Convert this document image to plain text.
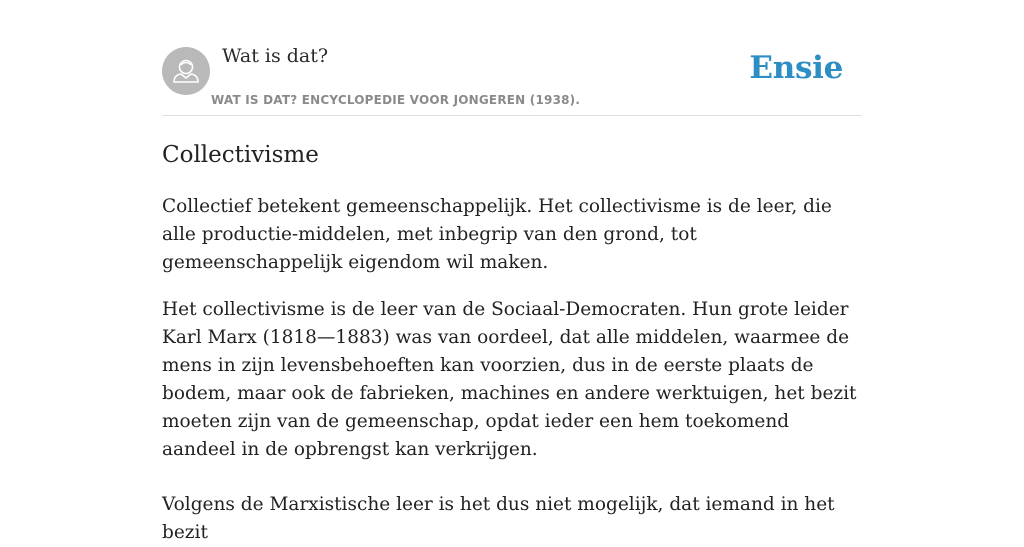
Wat is dat?
WAT IS DAT? ENCYCLOPEDIE VOOR JONGEREN (1938).
Ensie
Collectivisme

Collectief betekent gemeenschappelijk. Het collectivisme is de leer, die alle productie-middelen, met inbegrip van den grond, tot gemeenschappelijk eigendom wil maken.

Het collectivisme is de leer van de Sociaal-Democraten. Hun grote leider Karl Marx (1818—1883) was van oordeel, dat alle middelen, waarmee de mens in zijn levensbehoeften kan voorzien, dus in de eerste plaats de bodem, maar ook de fabrieken, machines en andere werktuigen, het bezit moeten zijn van de gemeenschap, opdat ieder een hem toekomend aandeel in de opbrengst kan verkrijgen.

Volgens de Marxistische leer is het dus niet mogelijk, dat iemand in het bezit
